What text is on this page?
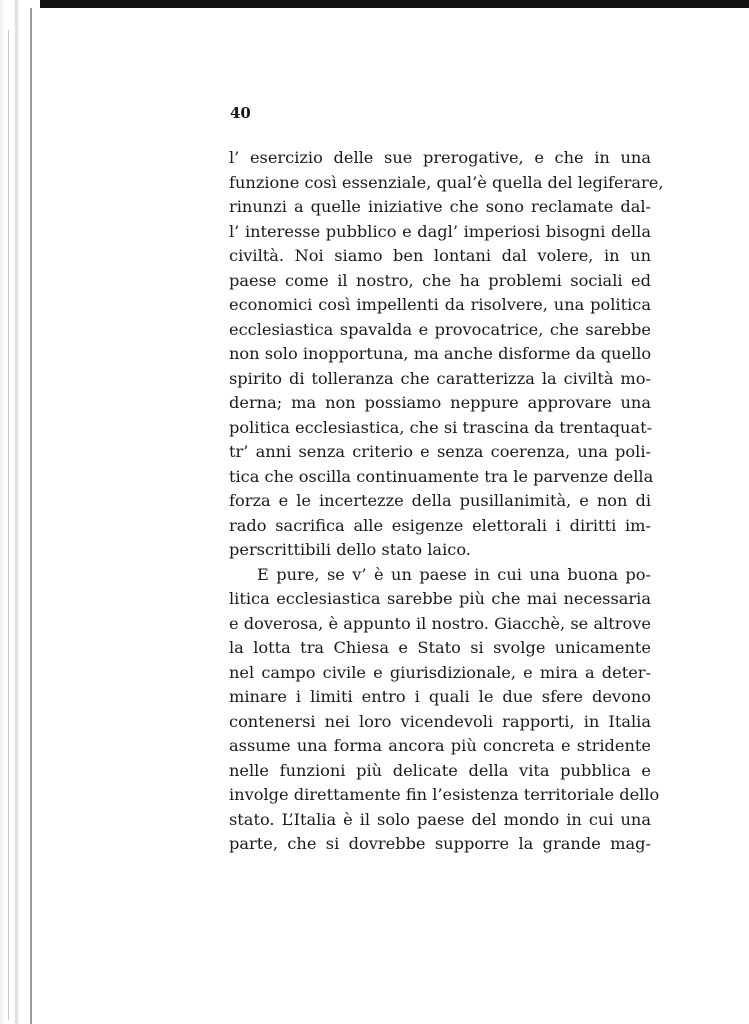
40
l’ esercizio delle sue prerogative, e che in una
funzione così essenziale, qual’è quella del legiferare,
rinunzi a quelle iniziative che sono reclamate dal-
l’ interesse pubblico e dagl’ imperiosi bisogni della
civiltà. Noi siamo ben lontani dal volere, in un
paese come il nostro, che ha problemi sociali ed
economici così impellenti da risolvere, una politica
ecclesiastica spavalda e provocatrice, che sarebbe
non solo inopportuna, ma anche disforme da quello
spirito di tolleranza che caratterizza la civiltà mo-
derna; ma non possiamo neppure approvare una
politica ecclesiastica, che si trascina da trentaquat-
tr’ anni senza criterio e senza coerenza, una poli-
tica che oscilla continuamente tra le parvenze della
forza e le incertezze della pusillanimità, e non di
rado sacrifica alle esigenze elettorali i diritti im-
perscrittibili dello stato laico.
E pure, se v’ è un paese in cui una buona po-
litica ecclesiastica sarebbe più che mai necessaria
e doverosa, è appunto il nostro. Giacchè, se altrove
la lotta tra Chiesa e Stato si svolge unicamente
nel campo civile e giurisdizionale, e mira a deter-
minare i limiti entro i quali le due sfere devono
contenersi nei loro vicendevoli rapporti, in Italia
assume una forma ancora più concreta e stridente
nelle funzioni più delicate della vita pubblica e
involge direttamente fin l’esistenza territoriale dello
stato. L’Italia è il solo paese del mondo in cui una
parte, che si dovrebbe supporre la grande mag-
